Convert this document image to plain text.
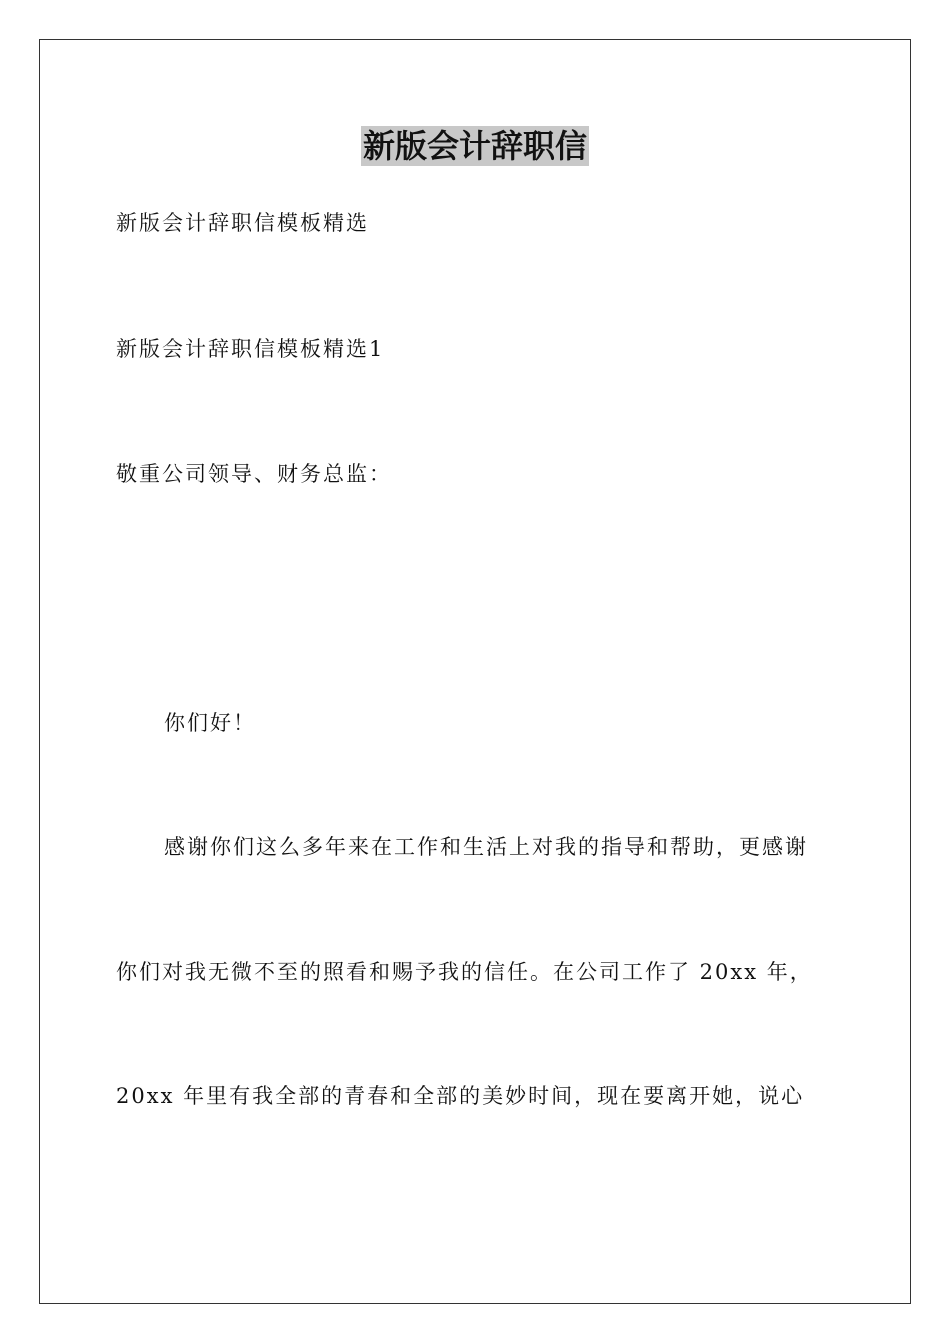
新版会计辞职信
新版会计辞职信模板精选
新版会计辞职信模板精选1
敬重公司领导、财务总监：
你们好！
感谢你们这么多年来在工作和生活上对我的指导和帮助，更感谢
你们对我无微不至的照看和赐予我的信任。在公司工作了 20xx 年，
20xx 年里有我全部的青春和全部的美妙时间，现在要离开她，说心
